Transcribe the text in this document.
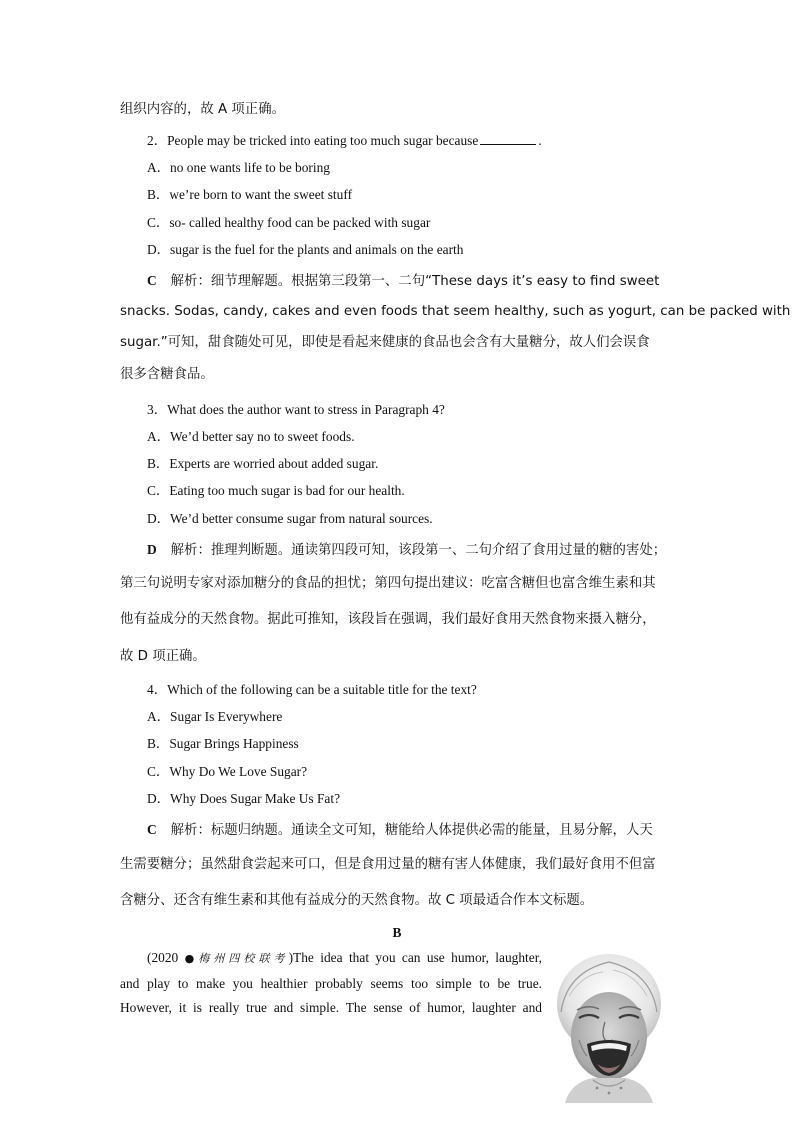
组织内容的，故 A 项正确。
2．People may be tricked into eating too much sugar because	.
A．no one wants life to be boring
B．we’re born to want the sweet stuff
C．so- called healthy food can be packed with sugar
D．sugar is the fuel for the plants and animals on the earth
C 解析：细节理解题。根据第三段第一、二句“These days it’s easy to find sweet
snacks. Sodas, candy, cakes and even foods that seem healthy, such as yogurt, can be packed with
sugar.”可知，甜食随处可见，即使是看起来健康的食品也会含有大量糖分，故人们会误食
很多含糖食品。
3．What does the author want to stress in Paragraph 4?
A．We’d better say no to sweet foods.
B．Experts are worried about added sugar.
C．Eating too much sugar is bad for our health.
D．We’d better consume sugar from natural sources.
D 解析：推理判断题。通读第四段可知，该段第一、二句介绍了食用过量的糖的害处；
第三句说明专家对添加糖分的食品的担忧；第四句提出建议：吃富含糖但也富含维生素和其
他有益成分的天然食物。据此可推知，该段旨在强调，我们最好食用天然食物来摄入糖分，
故 D 项正确。
4．Which of the following can be a suitable title for the text?
A．Sugar Is Everywhere
B．Sugar Brings Happiness
C．Why Do We Love Sugar?
D．Why Does Sugar Make Us Fat?
C 解析：标题归纳题。通读全文可知，糖能给人体提供必需的能量，且易分解，人天
生需要糖分；虽然甜食尝起来可口，但是食用过量的糖有害人体健康，我们最好食用不但富
含糖分、还含有维生素和其他有益成分的天然食物。故 C 项最适合作本文标题。
B
(2020 ●梅州四校联考)The idea that you can use humor, laughter,
and play to make you healthier probably seems too simple to be true.
However, it is really true and simple. The sense of humor, laughter and
